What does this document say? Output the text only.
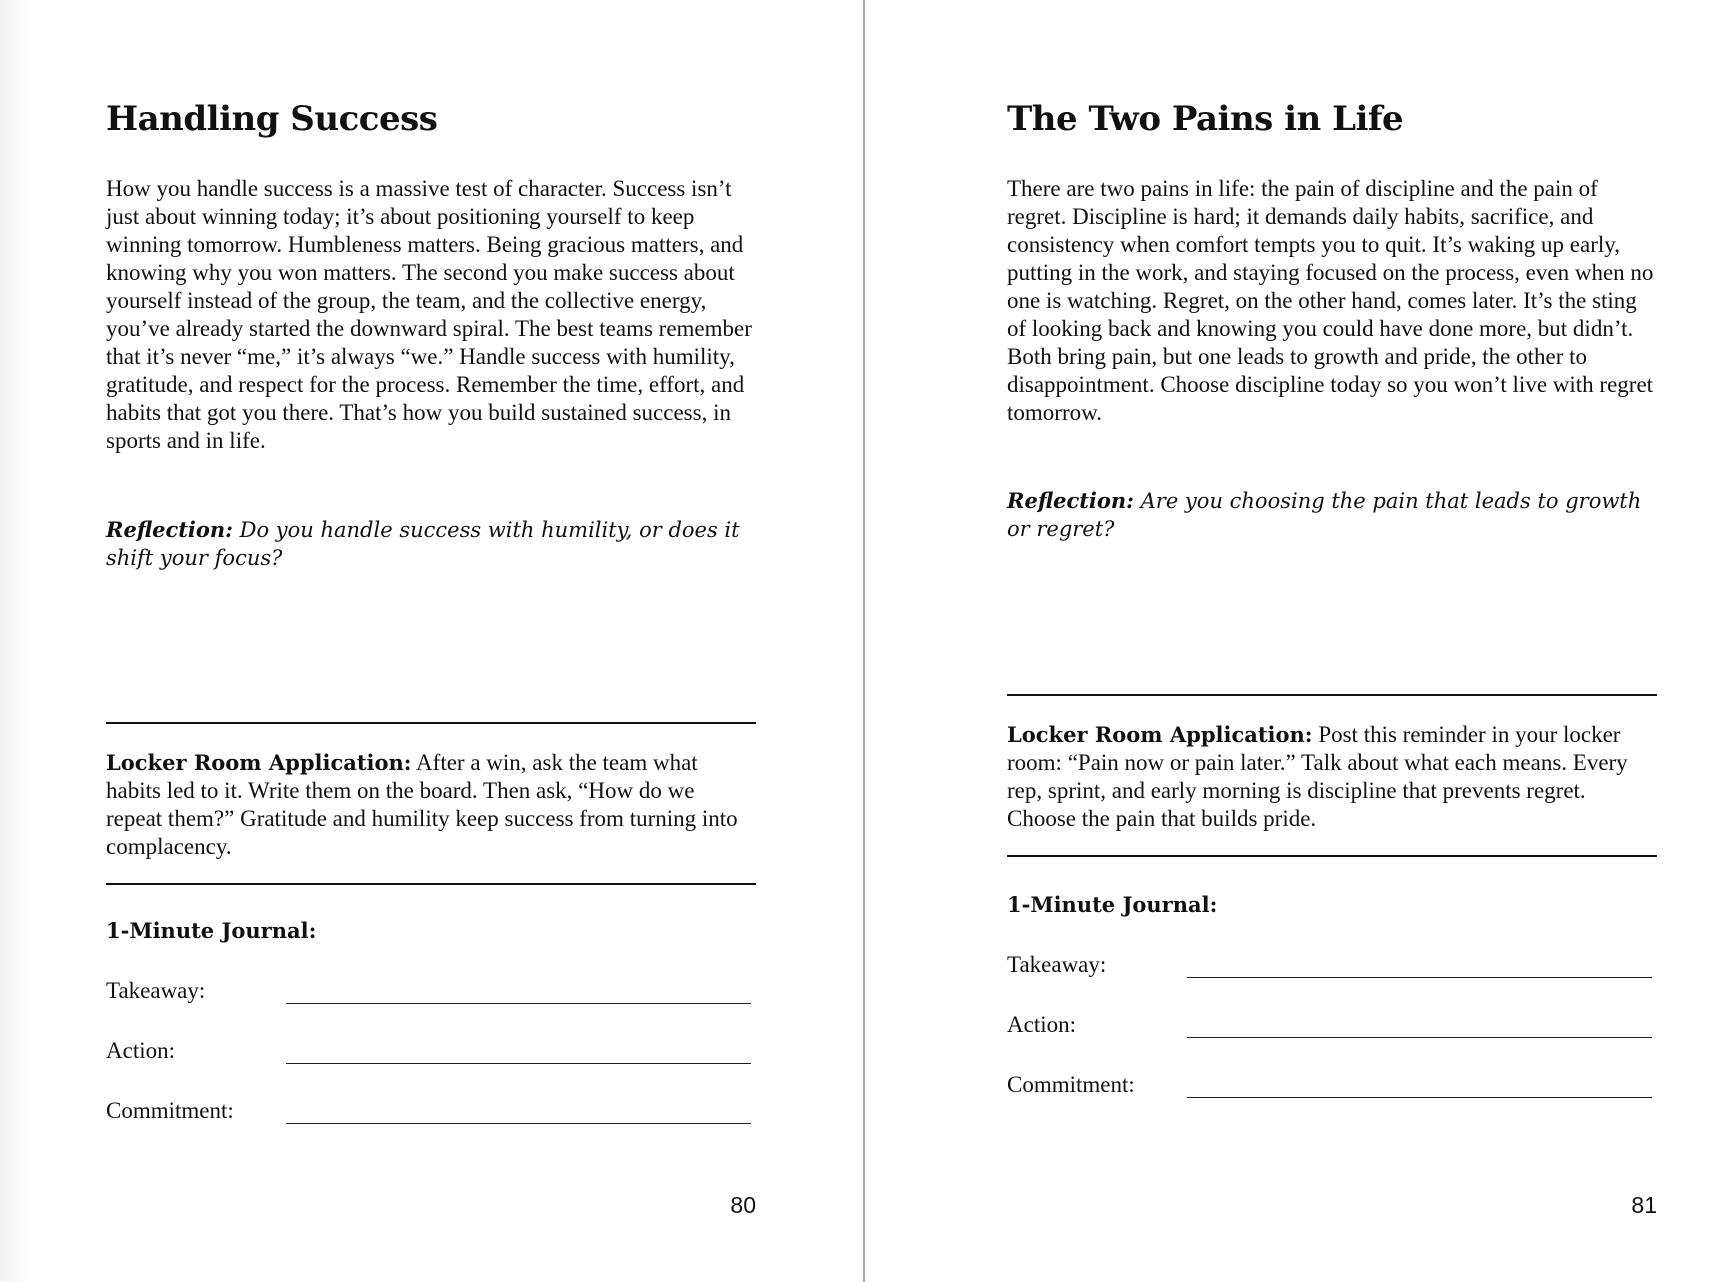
Handling Success

How you handle success is a massive test of character. Success isn’t just about winning today; it’s about positioning yourself to keep winning tomorrow. Humbleness matters. Being gracious matters, and knowing why you won matters. The second you make success about yourself instead of the group, the team, and the collective energy, you’ve already started the downward spiral. The best teams remember that it’s never “me,” it’s always “we.” Handle success with humility, gratitude, and respect for the process. Remember the time, effort, and habits that got you there. That’s how you build sustained success, in sports and in life.

Reflection: Do you handle success with humility, or does it shift your focus?

Locker Room Application: After a win, ask the team what habits led to it. Write them on the board. Then ask, “How do we repeat them?” Gratitude and humility keep success from turning into complacency.

1-Minute Journal:
Takeaway:
Action:
Commitment:
80
The Two Pains in Life

There are two pains in life: the pain of discipline and the pain of regret. Discipline is hard; it demands daily habits, sacrifice, and consistency when comfort tempts you to quit. It’s waking up early, putting in the work, and staying focused on the process, even when no one is watching. Regret, on the other hand, comes later. It’s the sting of looking back and knowing you could have done more, but didn’t. Both bring pain, but one leads to growth and pride, the other to disappointment. Choose discipline today so you won’t live with regret tomorrow.

Reflection: Are you choosing the pain that leads to growth or regret?

Locker Room Application: Post this reminder in your locker room: “Pain now or pain later.” Talk about what each means. Every rep, sprint, and early morning is discipline that prevents regret. Choose the pain that builds pride.

1-Minute Journal:
Takeaway:
Action:
Commitment:
81
